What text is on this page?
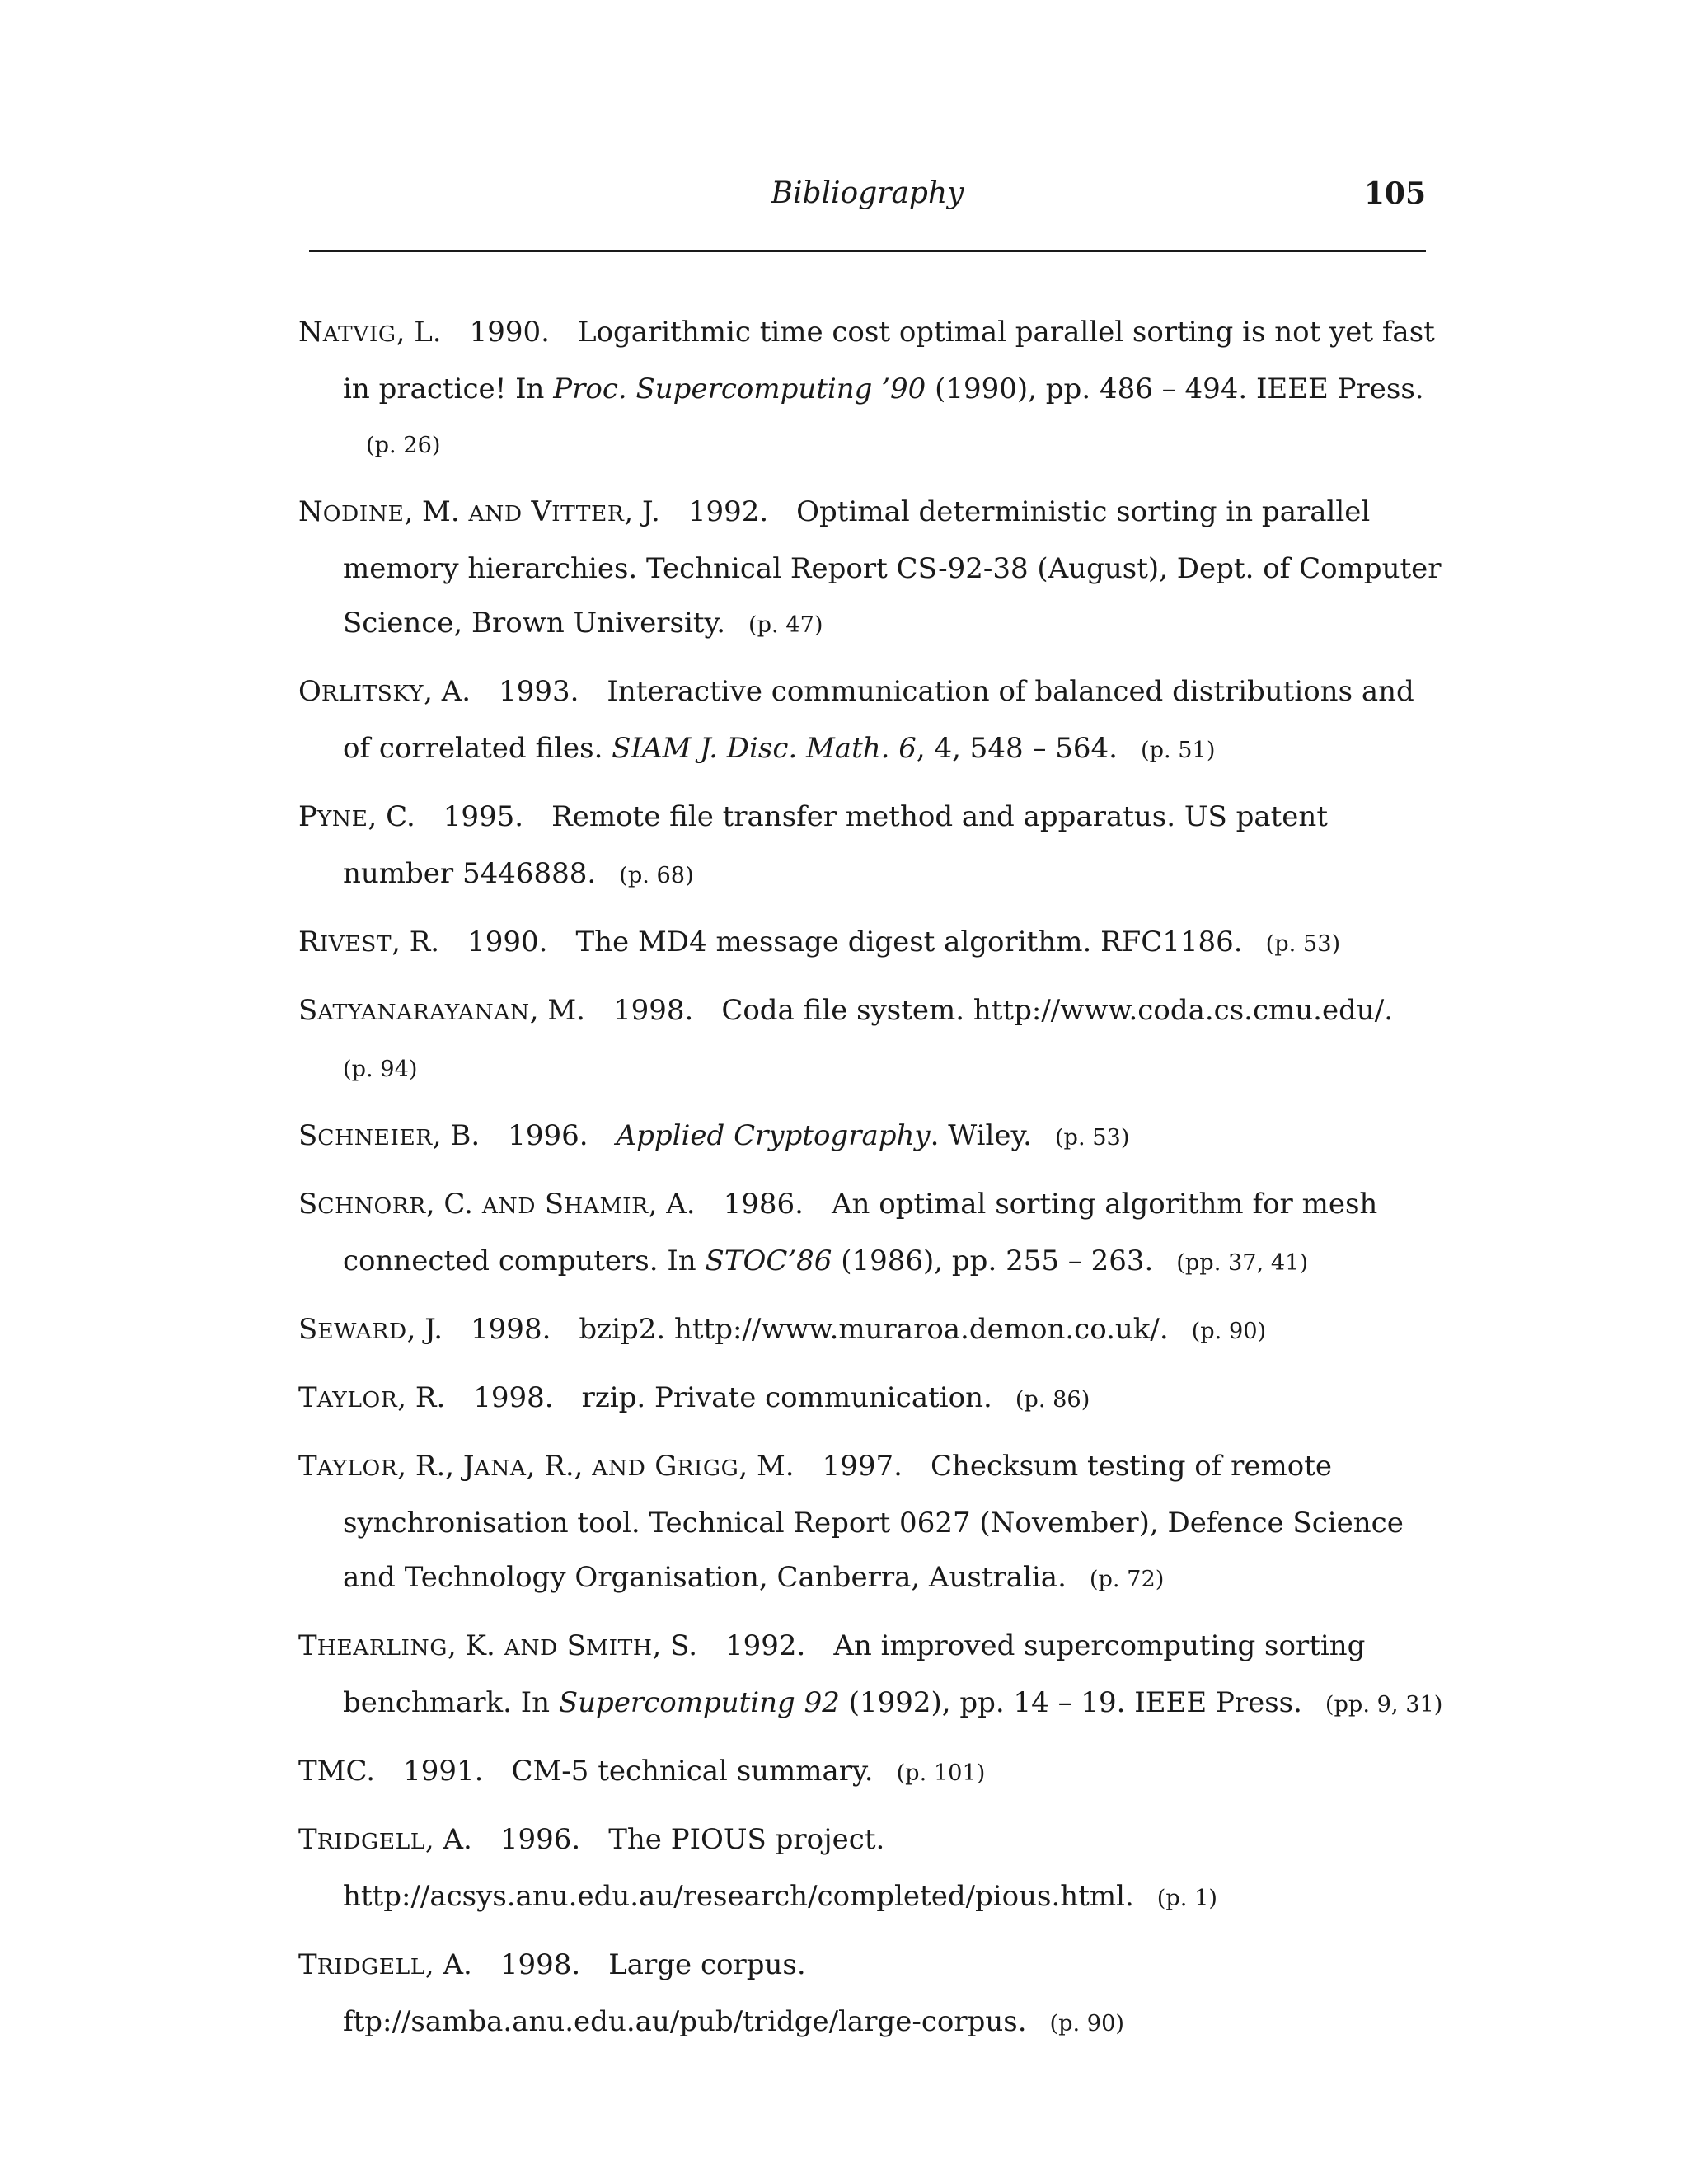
Bibliography	105
NATVIG, L. 1990. Logarithmic time cost optimal parallel sorting is not yet fast in practice! In Proc. Supercomputing ’90 (1990), pp. 486 – 494. IEEE Press.(p. 26)
NODINE, M. AND VITTER, J. 1992. Optimal deterministic sorting in parallel memory hierarchies. Technical Report CS-92-38 (August), Dept. of Computer Science, Brown University. (p. 47)
ORLITSKY, A. 1993. Interactive communication of balanced distributions and of correlated files. SIAM J. Disc. Math. 6, 4, 548 – 564. (p. 51)
PYNE, C. 1995. Remote file transfer method and apparatus. US patent number 5446888. (p. 68)
RIVEST, R. 1990. The MD4 message digest algorithm. RFC1186. (p. 53)
SATYANARAYANAN, M. 1998. Coda file system. http://www.coda.cs.cmu.edu/.
(p. 94)
SCHNEIER, B. 1996. Applied Cryptography. Wiley. (p. 53)
SCHNORR, C. AND SHAMIR, A. 1986. An optimal sorting algorithm for mesh connected computers. In STOC’86 (1986), pp. 255 – 263. (pp. 37, 41)
SEWARD, J. 1998. bzip2. http://www.muraroa.demon.co.uk/. (p. 90)
TAYLOR, R. 1998. rzip. Private communication. (p. 86)
TAYLOR, R., JANA, R., AND GRIGG, M. 1997. Checksum testing of remote synchronisation tool. Technical Report 0627 (November), Defence Science and Technology Organisation, Canberra, Australia. (p. 72)
THEARLING, K. AND SMITH, S. 1992. An improved supercomputing sorting benchmark. In Supercomputing 92 (1992), pp. 14 – 19. IEEE Press. (pp. 9, 31)
TMC. 1991. CM-5 technical summary. (p. 101)
TRIDGELL, A. 1996. The PIOUS project.
http://acsys.anu.edu.au/research/completed/pious.html. (p. 1)
TRIDGELL, A. 1998. Large corpus.
ftp://samba.anu.edu.au/pub/tridge/large-corpus. (p. 90)
